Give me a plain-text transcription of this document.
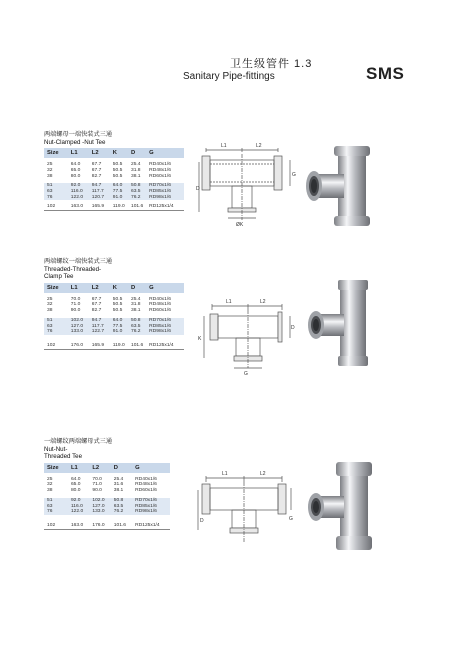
卫生级管件 1.3
Sanitary Pipe-fittings	SMS
两端螺母一端快装式三通
Nut-Clamped -Nut Tee
Size	L1	L2	K	D	G

25	64.0	67.7	50.5	25.4	RD40x1/6
32	65.0	67.7	50.5	31.8	RD48x1/6
38	80.0	82.7	50.5	38.1	RD60x1/6

51	92.0	94.7	64.0	50.8	RD70x1/6
63	116.0	117.7	77.5	63.5	RD85x1/6
76	122.0	120.7	91.0	76.2	RD98x1/6

102	163.0	165.9	119.0	101.6	RD125x1/4
L1	L2
G
D
ØK
两端螺纹一端快装式三通
Threaded-Threaded-
Clamp Tee
Size	L1	L2	K	D	G

25	70.0	67.7	50.5	25.4	RD40x1/6
32	71.0	67.7	50.5	31.8	RD48x1/6
38	90.0	82.7	50.5	38.1	RD60x1/6

51	102.0	94.7	64.0	50.8	RD70x1/6
63	127.0	117.7	77.5	63.5	RD85x1/6
76	133.0	122.7	91.0	76.2	RD98x1/6

102	176.0	165.9	119.0	101.6	RD125x1/4
L1	L2
D
K
G
一端螺纹两端螺母式三通
Nut-Nut-
Threaded Tee
Size	L1	L2	D	G

25	64.0	70.0	25.4	RD40x1/6
32	65.0	71.0	31.6	RD48x1/6
38	80.0	90.0	38.1	RD60x1/6

51	92.0	102.0	50.8	RD70x1/6
63	116.0	127.0	63.5	RD85x1/6
76	122.0	133.0	76.2	RD98x1/6

102	163.0	176.0	101.6	RD125x1/4
L1	L2
G
D
